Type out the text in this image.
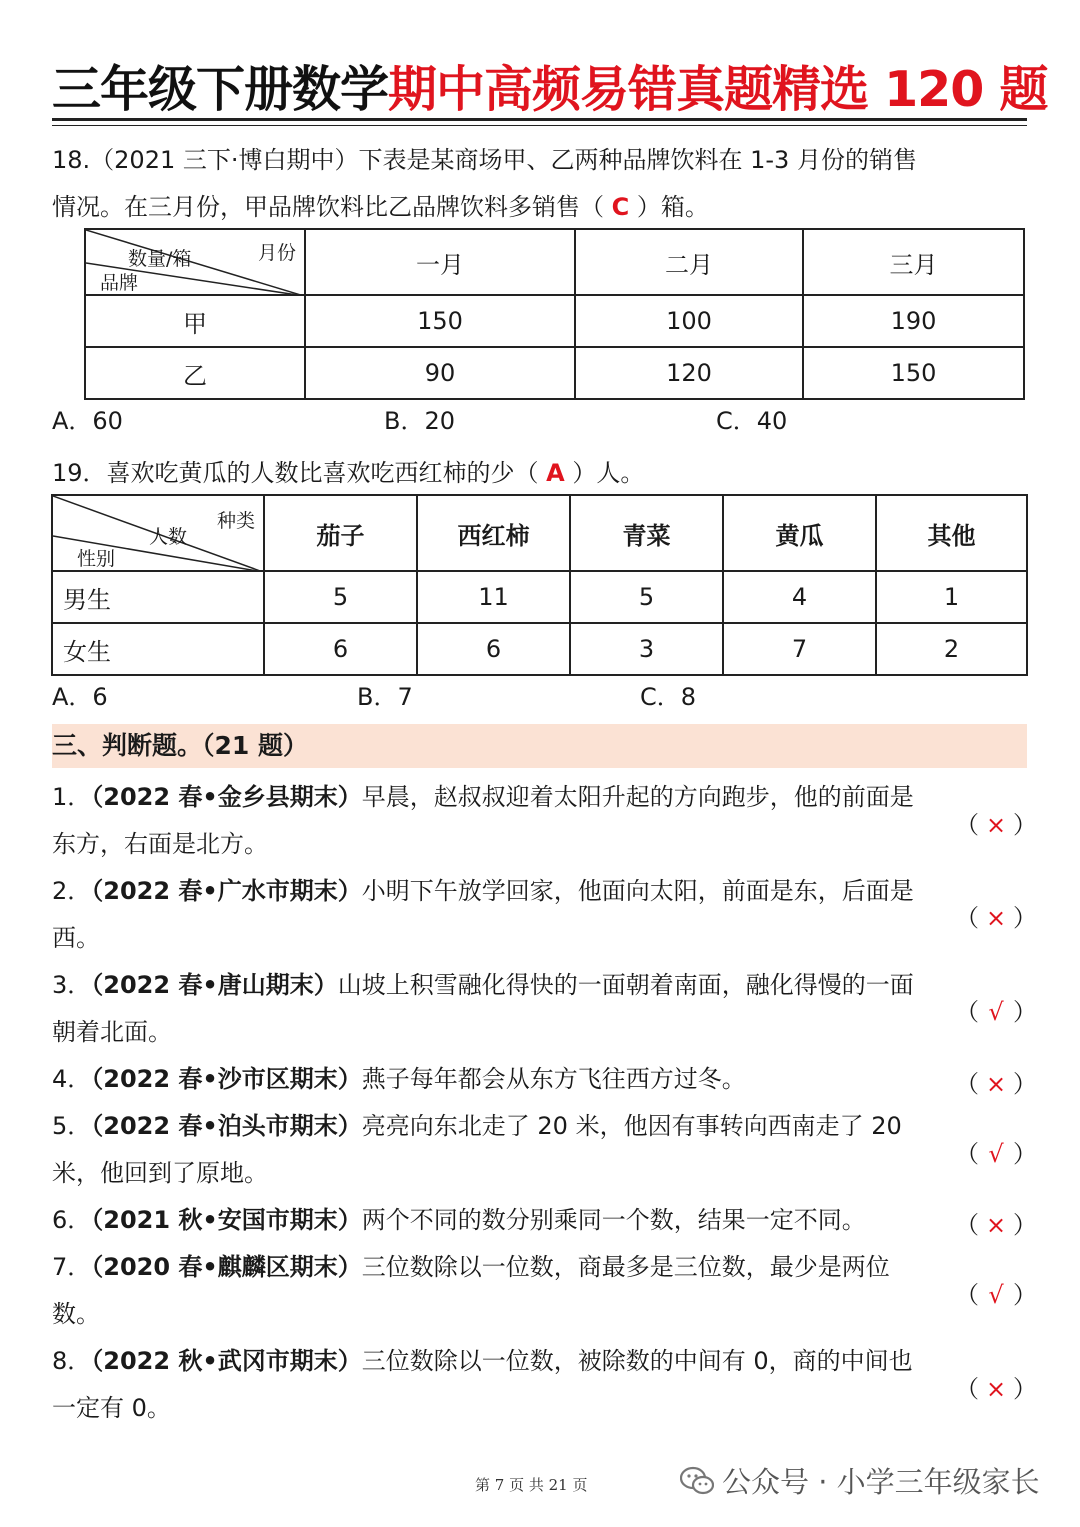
三年级下册数学期中高频易错真题精选 120 题
18.（2021 三下·博白期中）下表是某商场甲、乙两种品牌饮料在 1-3 月份的销售
情况。在三月份，甲品牌饮料比乙品牌饮料多销售（ C ）箱。
月份
数量/箱
品牌	一月	二月	三月
甲	150	100	190
乙	90	120	150
A．60	B．20	C．40
19．喜欢吃黄瓜的人数比喜欢吃西红柿的少（ A ）人。
种类
人数
性别	茄子	西红柿	青菜	黄瓜	其他
男生	5	11	5	4	1
女生	6	6	3	7	2
A．6	B．7	C．8
三、判断题。（21 题）
1．（2022 春•金乡县期末）早晨，赵叔叔迎着太阳升起的方向跑步，他的前面是东方，右面是北方。
（ × ）
2．（2022 春•广水市期末）小明下午放学回家，他面向太阳，前面是东，后面是西。
（ × ）
3．（2022 春•唐山期末）山坡上积雪融化得快的一面朝着南面，融化得慢的一面朝着北面。
（ √ ）
4．（2022 春•沙市区期末）燕子每年都会从东方飞往西方过冬。	（ × ）
5．（2022 春•泊头市期末）亮亮向东北走了 20 米，他因有事转向西南走了 20 米，他回到了原地。
（ √ ）
6．（2021 秋•安国市期末）两个不同的数分别乘同一个数，结果一定不同。	（ × ）
7．（2020 春•麒麟区期末）三位数除以一位数，商最多是三位数，最少是两位数。
（ √ ）
8．（2022 秋•武冈市期末）三位数除以一位数，被除数的中间有 0，商的中间也一定有 0。
（ × ）
第 7 页 共 21 页	公众号 · 小学三年级家长
